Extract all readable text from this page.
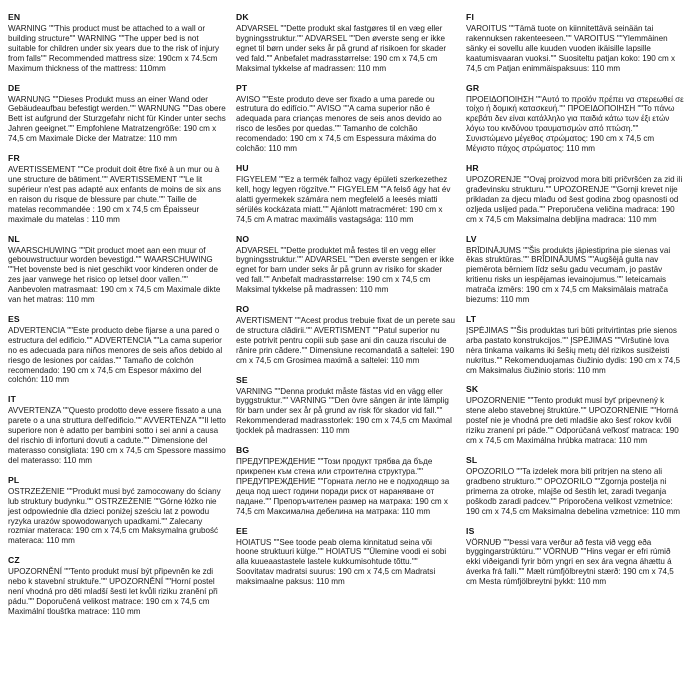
EN
WARNING ""This product must be attached to a wall or building structure"" WARNING ""The upper bed is not suitable for children under six years due to the risk of injury from falls"" Recommended mattress size: 190cm x 74.5cm Maximum thickness of the mattress: 110mm
DE
WARNUNG ""Dieses Produkt muss an einer Wand oder Gebäudeaufbau befestigt werden."" WARNUNG ""Das obere Bett ist aufgrund der Sturzgefahr nicht für Kinder unter sechs Jahren geeignet."" Empfohlene Matratzengröße: 190 cm x 74,5 cm Maximale Dicke der Matratze: 110 mm
FR
AVERTISSEMENT ""Ce produit doit être fixé à un mur ou à une structure de bâtiment."" AVERTISSEMENT ""Le lit supérieur n'est pas adapté aux enfants de moins de six ans en raison du risque de blessure par chute."" Taille de matelas recommandée : 190 cm x 74,5 cm Épaisseur maximale du matelas : 110 mm
NL
WAARSCHUWING ""Dit product moet aan een muur of gebouwstructuur worden bevestigd."" WAARSCHUWING ""Het bovenste bed is niet geschikt voor kinderen onder de zes jaar vanwege het risico op letsel door vallen."" Aanbevolen matrasmaat: 190 cm x 74,5 cm Maximale dikte van het matras: 110 mm
ES
ADVERTENCIA ""Este producto debe fijarse a una pared o estructura del edificio."" ADVERTENCIA ""La cama superior no es adecuada para niños menores de seis años debido al riesgo de lesiones por caídas."" Tamaño de colchón recomendado: 190 cm x 74,5 cm Espesor máximo del colchón: 110 mm
IT
AVVERTENZA ""Questo prodotto deve essere fissato a una parete o a una struttura dell'edificio."" AVVERTENZA ""Il letto superiore non è adatto per bambini sotto i sei anni a causa del rischio di infortuni dovuti a cadute."" Dimensione del materasso consigliata: 190 cm x 74,5 cm Spessore massimo del materasso: 110 mm
PL
OSTRZEŻENIE ""Produkt musi być zamocowany do ściany lub struktury budynku."" OSTRZEŻENIE ""Górne łóżko nie jest odpowiednie dla dzieci poniżej sześciu lat z powodu ryzyka urazów spowodowanych upadkami."" Zalecany rozmiar materaca: 190 cm x 74,5 cm Maksymalna grubość materaca: 110 mm
CZ
UPOZORNĚNÍ ""Tento produkt musí být připevněn ke zdi nebo k stavební struktuře."" UPOZORNĚNÍ ""Horní postel není vhodná pro děti mladší šesti let kvůli riziku zranění při pádu."" Doporučená velikost matrace: 190 cm x 74,5 cm Maximální tloušťka matrace: 110 mm
DK
ADVARSEL ""Dette produkt skal fastgøres til en væg eller bygningsstruktur."" ADVARSEL ""Den øverste seng er ikke egnet til børn under seks år på grund af risikoen for skader ved fald."" Anbefalet madrasstørrelse: 190 cm x 74,5 cm Maksimal tykkelse af madrassen: 110 mm
PT
AVISO ""Este produto deve ser fixado a uma parede ou estrutura do edifício."" AVISO ""A cama superior não é adequada para crianças menores de seis anos devido ao risco de lesões por quedas."" Tamanho de colchão recomendado: 190 cm x 74,5 cm Espessura máxima do colchão: 110 mm
HU
FIGYELEM ""Ez a termék falhoz vagy épületi szerkezethez kell, hogy legyen rögzítve."" FIGYELEM ""A felső ágy hat év alatti gyermekek számára nem megfelelő a leesés miatti sérülés kockázata miatt."" Ajánlott matracméret: 190 cm x 74,5 cm A matrac maximális vastagsága: 110 mm
NO
ADVARSEL ""Dette produktet må festes til en vegg eller bygningsstruktur."" ADVARSEL ""Den øverste sengen er ikke egnet for barn under seks år på grunn av risiko for skader ved fall."" Anbefalt madrasstørrelse: 190 cm x 74,5 cm Maksimal tykkelse på madrassen: 110 mm
RO
AVERTISMENT ""Acest produs trebuie fixat de un perete sau de structura clădirii."" AVERTISMENT ""Patul superior nu este potrivit pentru copiii sub șase ani din cauza riscului de rănire prin cădere."" Dimensiune recomandată a saltelei: 190 cm x 74,5 cm Grosimea maximă a saltelei: 110 mm
SE
VARNING ""Denna produkt måste fästas vid en vägg eller byggstruktur."" VARNING ""Den övre sängen är inte lämplig för barn under sex år på grund av risk för skador vid fall."" Rekommenderad madrasstorlek: 190 cm x 74,5 cm Maximal tjocklek på madrassen: 110 mm
BG
ПРЕДУПРЕЖДЕНИЕ ""Този продукт трябва да бъде прикрепен към стена или строителна структура."" ПРЕДУПРЕЖДЕНИЕ ""Горната легло не е подходящо за деца под шест години поради риск от нараняване от падане."" Препоръчителен размер на матрака: 190 cm x 74,5 cm Максимална дебелина на матрака: 110 mm
EE
HOIATUS ""See toode peab olema kinnitatud seina või hoone struktuuri külge."" HOIATUS ""Ülemine voodi ei sobi alla kuueaastastele lastele kukkumisohtude tõttu."" Soovitatav madratsi suurus: 190 cm x 74,5 cm Madratsi maksimaalne paksus: 110 mm
FI
VAROITUS ""Tämä tuote on kiinnitettävä seinään tai rakennuksen rakenteeseen."" VAROITUS ""Ylemmäinen sänky ei sovellu alle kuuden vuoden ikäisille lapsille kaatumisvaaran vuoksi."" Suositeltu patjan koko: 190 cm x 74,5 cm Patjan enimmäispaksuus: 110 mm
GR
ΠΡΟΕΙΔΟΠΟΙΗΣΗ ""Αυτό το προϊόν πρέπει να στερεωθεί σε τοίχο ή δομική κατασκευή."" ΠΡΟΕΙΔΟΠΟΙΗΣΗ ""Το πάνω κρεβάτι δεν είναι κατάλληλο για παιδιά κάτω των έξι ετών λόγω του κινδύνου τραυματισμών από πτώση."" Συνιστώμενο μέγεθος στρώματος: 190 cm x 74,5 cm Μέγιστο πάχος στρώματος: 110 mm
HR
UPOZORENJE ""Ovaj proizvod mora biti pričvršćen za zid ili građevinsku strukturu."" UPOZORENJE ""Gornji krevet nije prikladan za djecu mlađu od šest godina zbog opasnosti od ozljeda uslijed pada."" Preporučena veličina madraca: 190 cm x 74,5 cm Maksimalna debljina madraca: 110 mm
LV
BRĪDINĀJUMS ""Šis produkts jāpiestiprina pie sienas vai ēkas struktūras."" BRĪDINĀJUMS ""Augšējā gulta nav piemērota bērniem līdz sešu gadu vecumam, jo pastāv kritienu risks un iespējamas ievainojumus."" Ieteicamais matrača izmērs: 190 cm x 74,5 cm Maksimālais matrača biezums: 110 mm
LT
ĮSPĖJIMAS ""Šis produktas turi būti pritvirtintas prie sienos arba pastato konstrukcijos."" ĮSPĖJIMAS ""Viršutinė lova nėra tinkama vaikams iki šešių metų dėl rizikos susižeisti nukritus."" Rekomenduojamas čiužinio dydis: 190 cm x 74,5 cm Maksimalus čiužinio storis: 110 mm
SK
UPOZORNENIE ""Tento produkt musí byť pripevnený k stene alebo stavebnej štruktúre."" UPOZORNENIE ""Horná posteľ nie je vhodná pre deti mladšie ako šesť rokov kvôli riziku zranení pri páde."" Odporúčaná veľkosť matraca: 190 cm x 74,5 cm Maximálna hrúbka matraca: 110 mm
SL
OPOZORILO ""Ta izdelek mora biti pritrjen na steno ali gradbeno strukturo."" OPOZORILO ""Zgornja postelja ni primerna za otroke, mlajše od šestih let, zaradi tveganja poškodb zaradi padcev."" Priporočena velikost vzmetnice: 190 cm x 74,5 cm Maksimalna debelina vzmetnice: 110 mm
IS
VÖRNUÐ ""Þessi vara verður að festa við vegg eða byggingarstrúktúru."" VÖRNUÐ ""Hins vegar er efri rúmið ekki viðeigandi fyrir börn yngri en sex ára vegna áhættu á áverka frá falli."" Mælt rúmfjölbreytni stærð: 190 cm x 74,5 cm Mesta rúmfjölbreytni þykkt: 110 mm
